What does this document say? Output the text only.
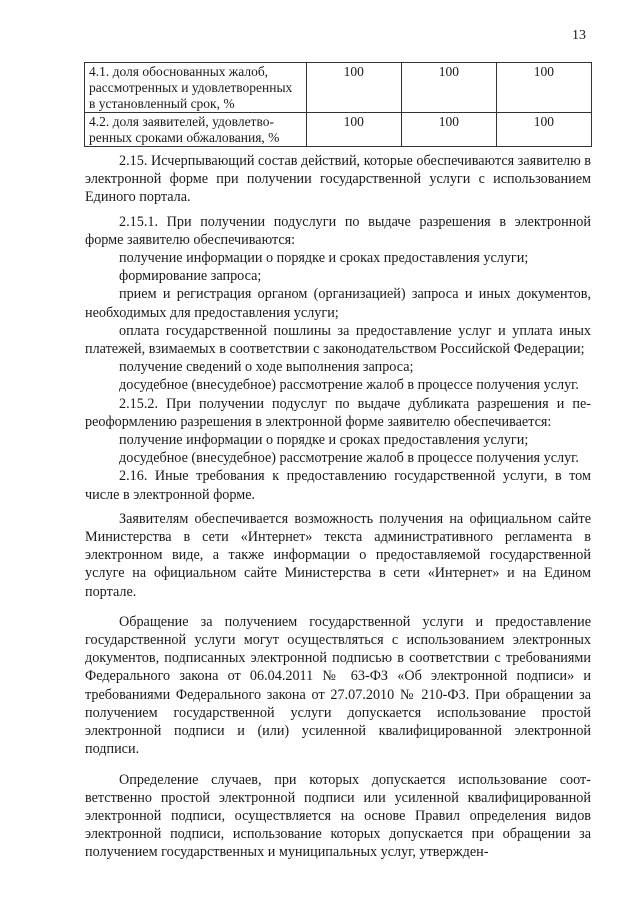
13
4.1. доля обоснованных жалоб, рассмотренных и удовлетворенных в установленный срок, %	100	100	100
4.2. доля заявителей, удовлетворенных сроками обжалования, %	100	100	100

2.15. Исчерпывающий состав действий, которые обеспечиваются заявителю в электронной форме при получении государственной услуги с использованием Единого портала.

2.15.1. При получении подуслуги по выдаче разрешения в электронной форме заявителю обеспечиваются:

получение информации о порядке и сроках предоставления услуги;

формирование запроса;

прием и регистрация органом (организацией) запроса и иных документов, необходимых для предоставления услуги;

оплата государственной пошлины за предоставление услуг и уплата иных платежей, взимаемых в соответствии с законодательством Российской Федерации;

получение сведений о ходе выполнения запроса;

досудебное (внесудебное) рассмотрение жалоб в процессе получения услуг.

2.15.2. При получении подуслуг по выдаче дубликата разрешения и переоформлению разрешения в электронной форме заявителю обеспечивается:

получение информации о порядке и сроках предоставления услуги;

досудебное (внесудебное) рассмотрение жалоб в процессе получения услуг.

2.16. Иные требования к предоставлению государственной услуги, в том числе в электронной форме.

Заявителям обеспечивается возможность получения на официальном сайте Министерства в сети «Интернет» текста административного регламента в электронном виде, а также информации о предоставляемой государственной услуге на официальном сайте Министерства в сети «Интернет» и на Едином портале.

Обращение за получением государственной услуги и предоставление государственной услуги могут осуществляться с использованием электронных документов, подписанных электронной подписью в соответствии с требованиями Федерального закона от 06.04.2011 № 63-ФЗ «Об электронной подписи» и требованиями Федерального закона от 27.07.2010 № 210-ФЗ. При обращении за получением государственной услуги допускается использование простой электронной подписи и (или) усиленной квалифицированной электронной подписи.

Определение случаев, при которых допускается использование соответственно простой электронной подписи или усиленной квалифицированной электронной подписи, осуществляется на основе Правил определения видов электронной подписи, использование которых допускается при обращении за получением государственных и муниципальных услуг, утвержден-
